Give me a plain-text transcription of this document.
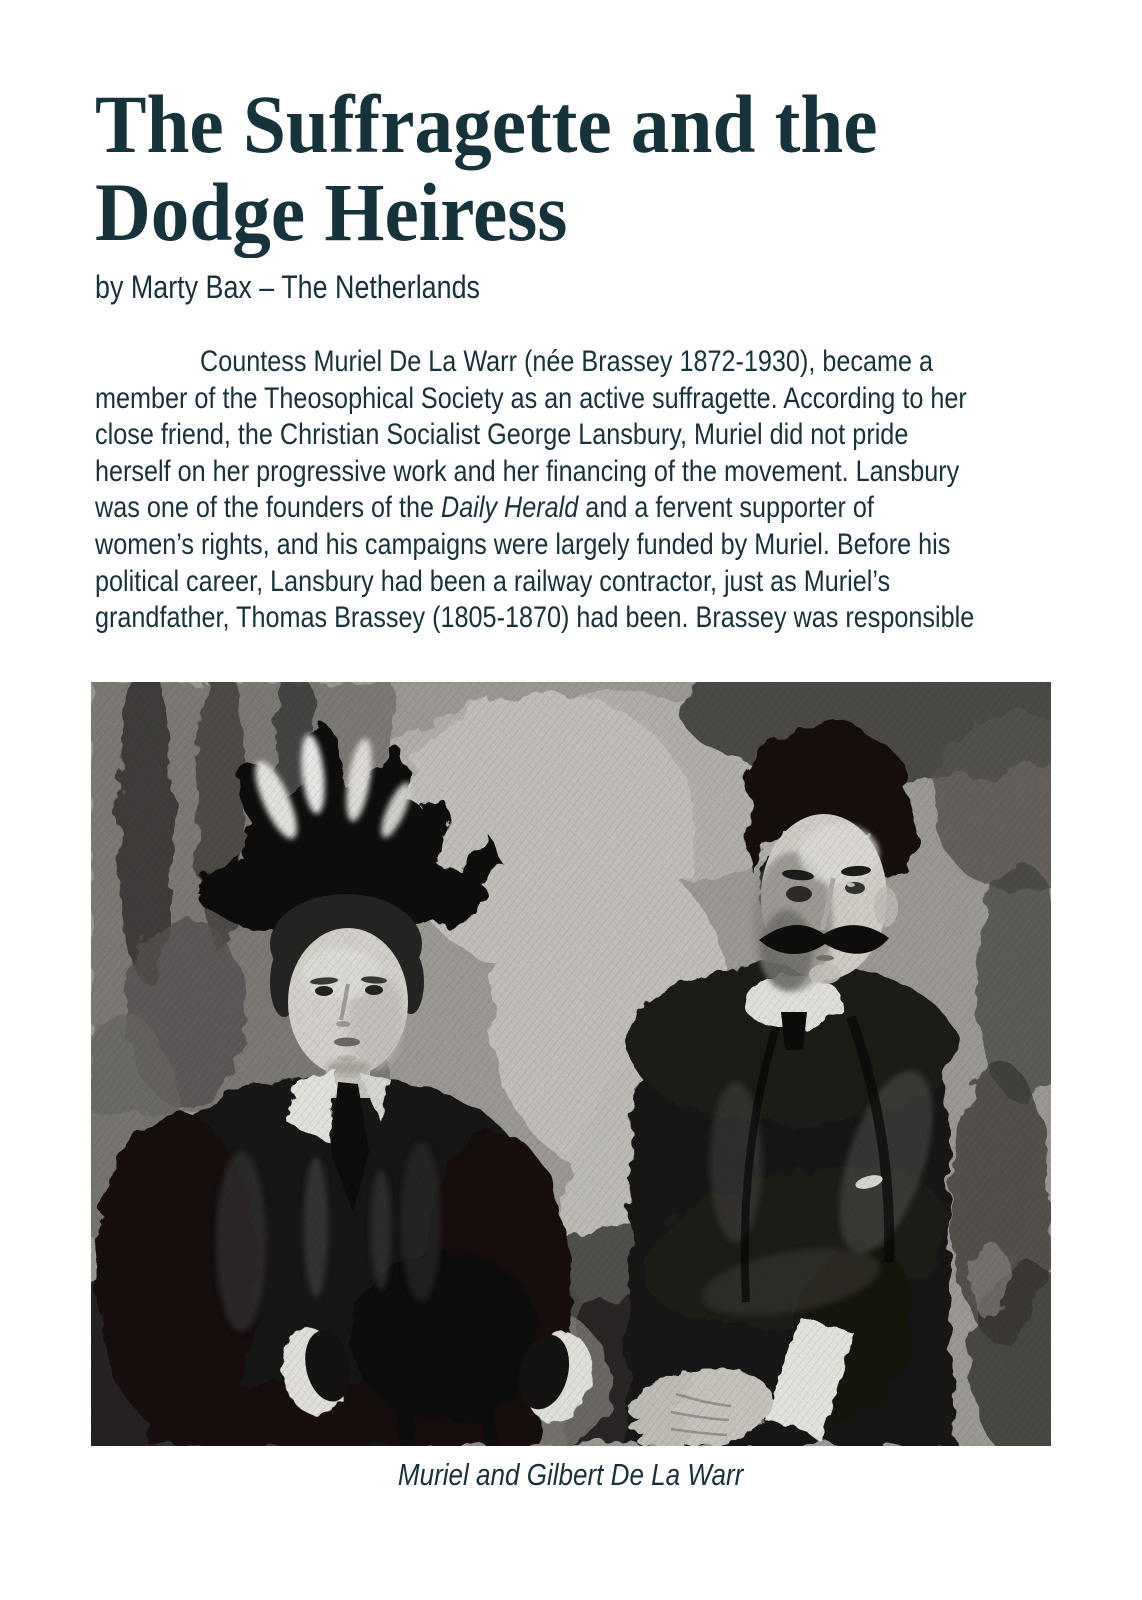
The Suffragette and the
Dodge Heiress
by Marty Bax – The Netherlands
Countess Muriel De La Warr (née Brassey 1872-1930), became a
member of the Theosophical Society as an active suffragette. According to her
close friend, the Christian Socialist George Lansbury, Muriel did not pride
herself on her progressive work and her financing of the movement. Lansbury
was one of the founders of the Daily Herald and a fervent supporter of
women’s rights, and his campaigns were largely funded by Muriel. Before his
political career, Lansbury had been a railway contractor, just as Muriel’s
grandfather, Thomas Brassey (1805-1870) had been. Brassey was responsible
Muriel and Gilbert De La Warr
